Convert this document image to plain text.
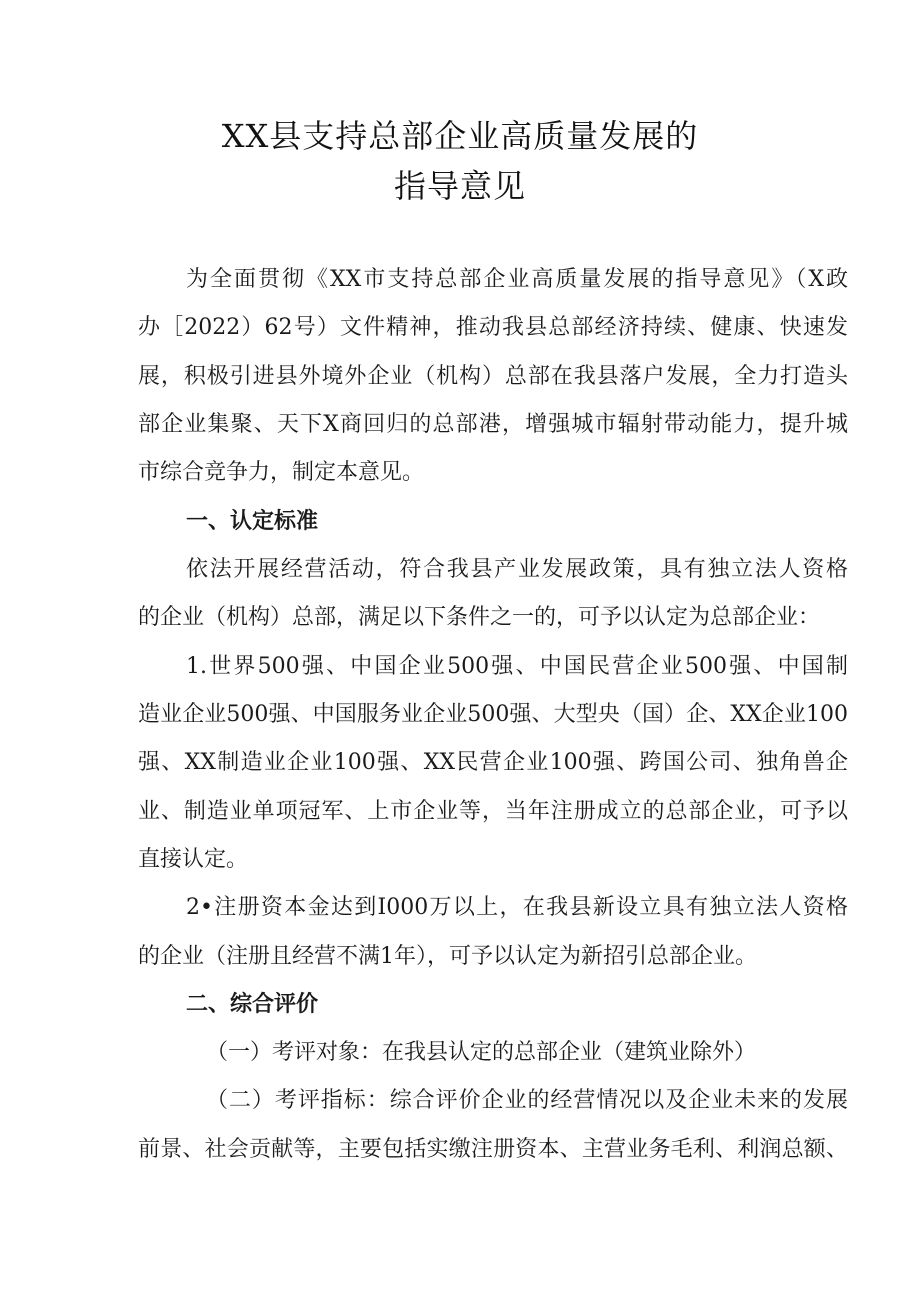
XX县支持总部企业高质量发展的
指导意见
为全面贯彻《XX市支持总部企业高质量发展的指导意见》（X政
办［2022）62号）文件精神，推动我县总部经济持续、健康、快速发
展，积极引进县外境外企业（机构）总部在我县落户发展，全力打造头
部企业集聚、天下X商回归的总部港，增强城市辐射带动能力，提升城
市综合竞争力，制定本意见。
一、认定标准
依法开展经营活动，符合我县产业发展政策，具有独立法人资格
的企业（机构）总部，满足以下条件之一的，可予以认定为总部企业：
1.世界500强、中国企业500强、中国民营企业500强、中国制
造业企业500强、中国服务业企业500强、大型央（国）企、XX企业100
强、XX制造业企业100强、XX民营企业100强、跨国公司、独角兽企
业、制造业单项冠军、上市企业等，当年注册成立的总部企业，可予以
直接认定。
2•注册资本金达到I000万以上，在我县新设立具有独立法人资格
的企业（注册且经营不满1年），可予以认定为新招引总部企业。
二、综合评价
（一）考评对象：在我县认定的总部企业（建筑业除外）
（二）考评指标：综合评价企业的经营情况以及企业未来的发展
前景、社会贡献等，主要包括实缴注册资本、主营业务毛利、利润总额、
